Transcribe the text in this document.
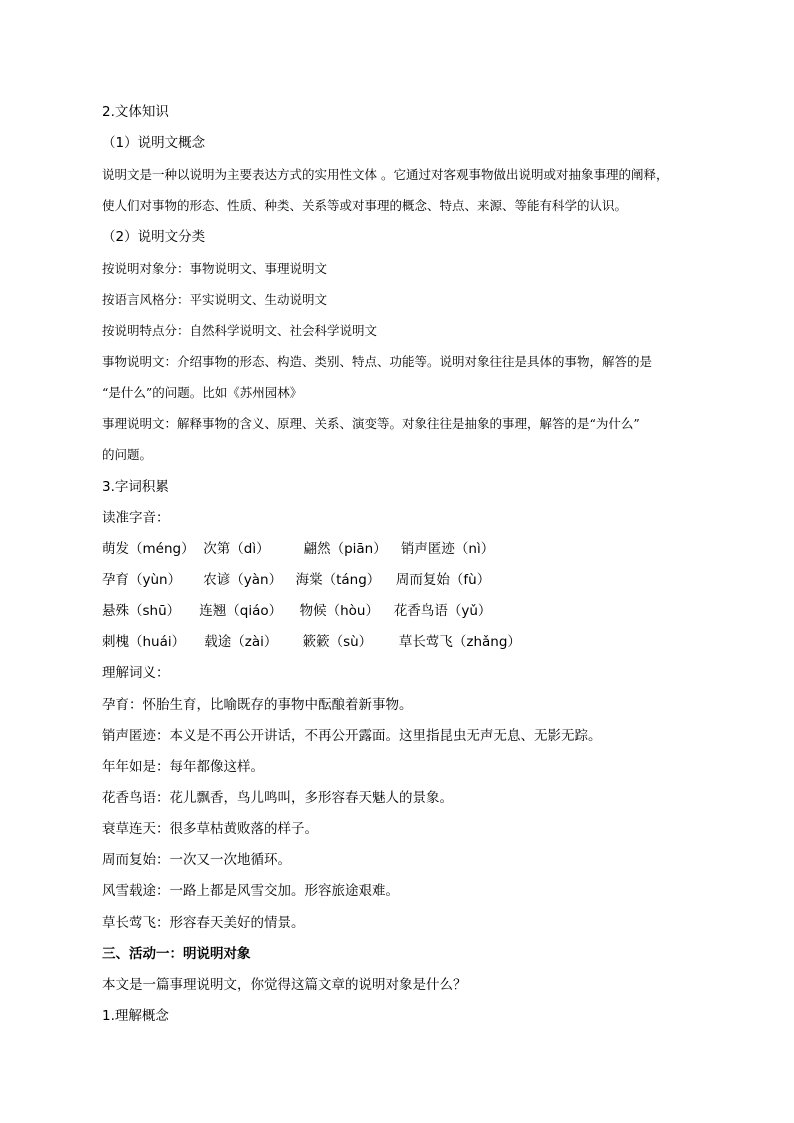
2.文体知识
（1）说明文概念
说明文是一种以说明为主要表达方式的实用性文体 。它通过对客观事物做出说明或对抽象事理的阐释，
使人们对事物的形态、性质、种类、关系等或对事理的概念、特点、来源、等能有科学的认识。
（2）说明文分类
按说明对象分：事物说明文、事理说明文
按语言风格分：平实说明文、生动说明文
按说明特点分：自然科学说明文、社会科学说明文
事物说明文：介绍事物的形态、构造、类别、特点、功能等。说明对象往往是具体的事物，解答的是
“是什么”的问题。比如《苏州园林》
事理说明文：解释事物的含义、原理、关系、演变等。对象往往是抽象的事理，解答的是“为什么”
的问题。
3.字词积累
读准字音：
萌发（méng） 次第（dì）	翩然（piān） 销声匿迹（nì）
孕育（yùn） 农谚（yàn） 海棠（táng） 周而复始（fù）
悬殊（shū） 连翘（qiáo） 物候（hòu） 花香鸟语（yǔ）
刺槐（huái） 载途（zài） 簌簌（sù） 草长莺飞（zhǎng）
理解词义：
孕育：怀胎生育，比喻既存的事物中酝酿着新事物。
销声匿迹：本义是不再公开讲话，不再公开露面。这里指昆虫无声无息、无影无踪。
年年如是：每年都像这样。
花香鸟语：花儿飘香，鸟儿鸣叫，多形容春天魅人的景象。
衰草连天：很多草枯黄败落的样子。
周而复始：一次又一次地循环。
风雪载途：一路上都是风雪交加。形容旅途艰难。
草长莺飞：形容春天美好的情景。
三、活动一：明说明对象
本文是一篇事理说明文，你觉得这篇文章的说明对象是什么？
1.理解概念
